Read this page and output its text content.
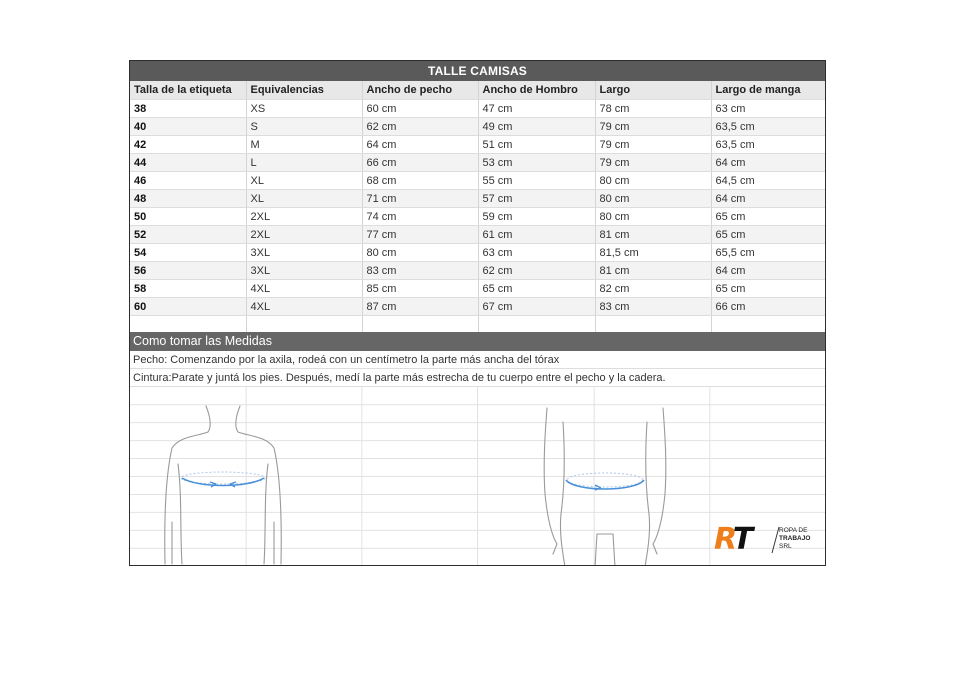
TALLE CAMISAS
Talla de la etiqueta	Equivalencias	Ancho de pecho	Ancho de Hombro	Largo	Largo de manga
38	XS	60 cm	47 cm	78 cm	63 cm
40	S	62 cm	49 cm	79 cm	63,5 cm
42	M	64 cm	51 cm	79 cm	63,5 cm
44	L	66 cm	53 cm	79 cm	64 cm
46	XL	68 cm	55 cm	80 cm	64,5 cm
48	XL	71 cm	57 cm	80 cm	64 cm
50	2XL	74 cm	59 cm	80 cm	65 cm
52	2XL	77 cm	61 cm	81 cm	65 cm
54	3XL	80 cm	63 cm	81,5 cm	65,5 cm
56	3XL	83 cm	62 cm	81 cm	64 cm
58	4XL	85 cm	65 cm	82 cm	65 cm
60	4XL	87 cm	67 cm	83 cm	66 cm

Como tomar las Medidas
Pecho: Comenzando por la axila, rodeá con un centímetro la parte más ancha del tórax
Cintura:Parate y juntá los pies. Después, medí la parte más estrecha de tu cuerpo entre el pecho y la cadera.
RT	ROPA DE
TRABAJO
SRL
